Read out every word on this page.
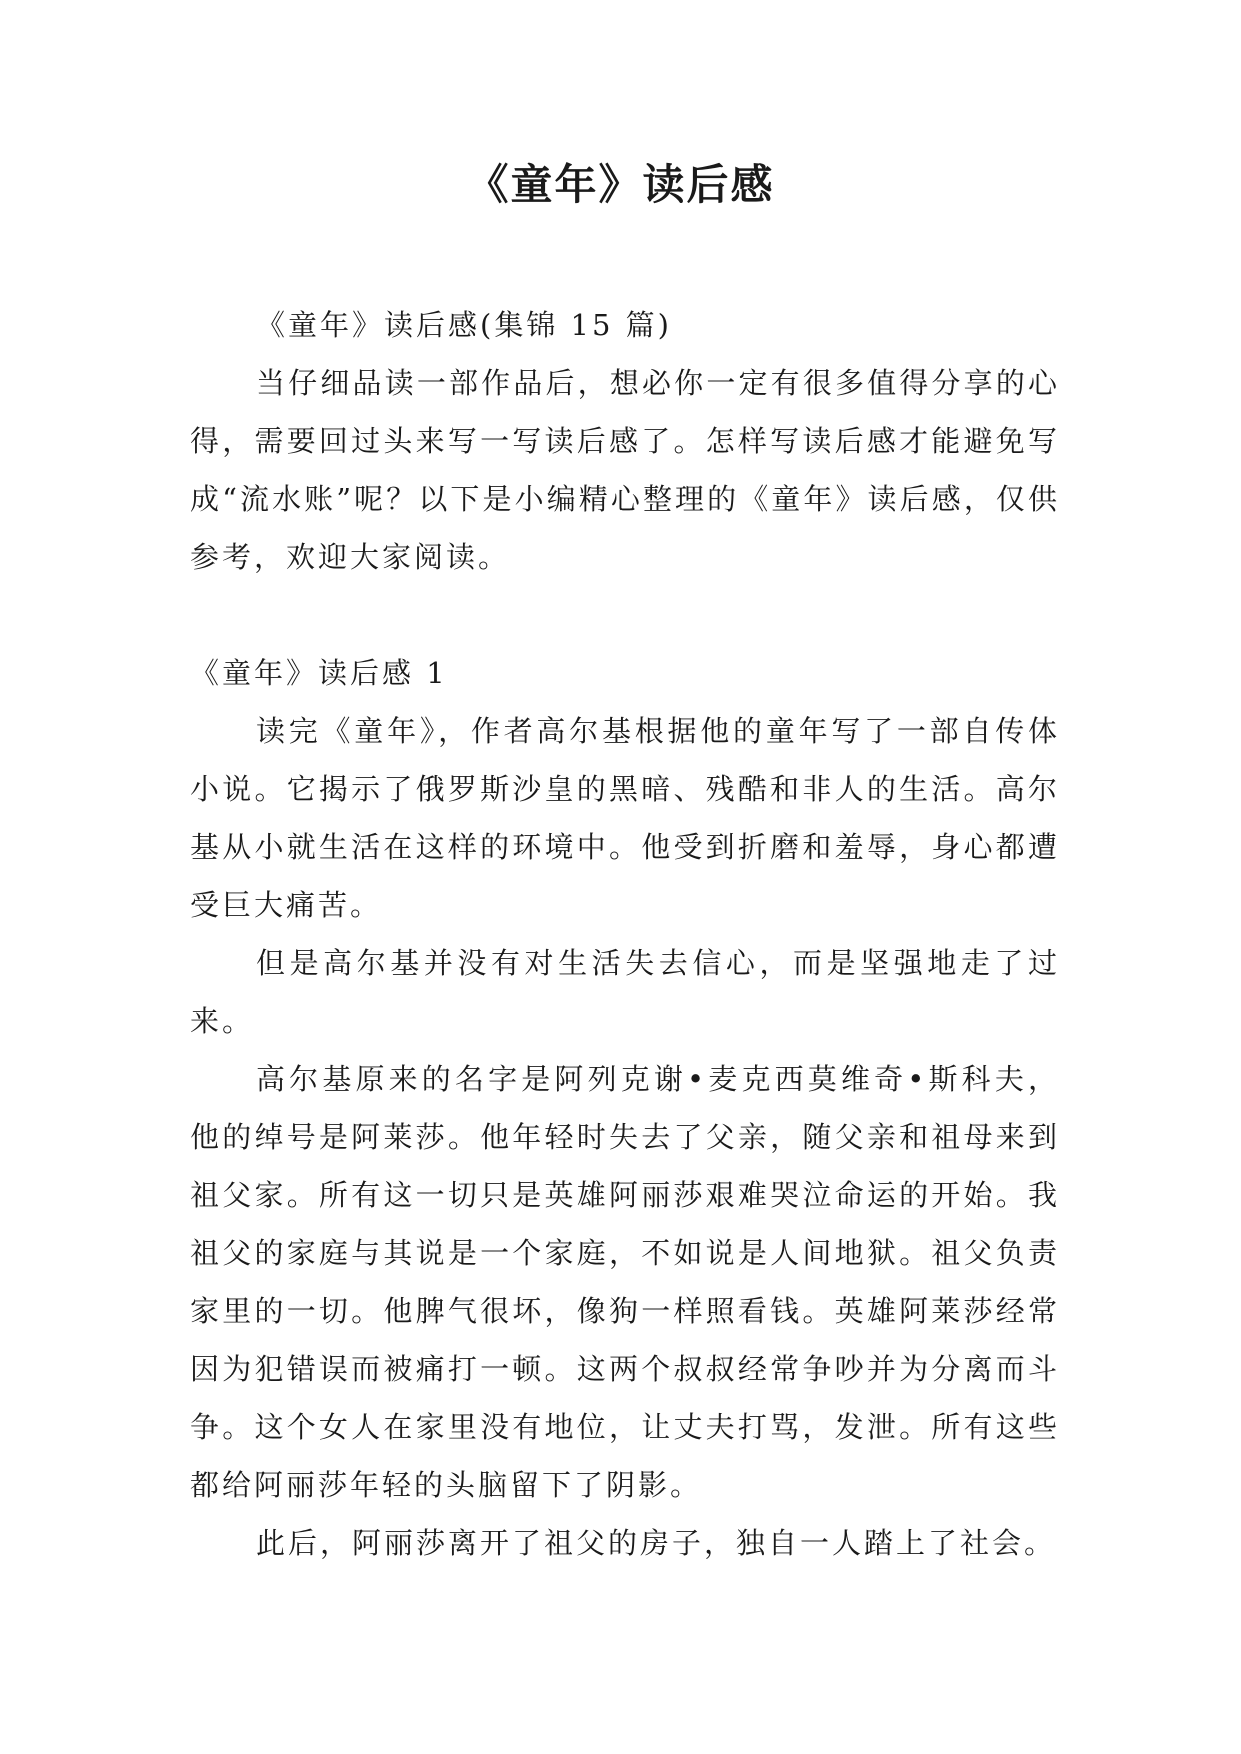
《童年》读后感

《童年》读后感(集锦 15 篇)

当仔细品读一部作品后，想必你一定有很多值得分享的心得，需要回过头来写一写读后感了。怎样写读后感才能避免写成“流水账”呢？以下是小编精心整理的《童年》读后感，仅供参考，欢迎大家阅读。

《童年》读后感 1

读完《童年》，作者高尔基根据他的童年写了一部自传体小说。它揭示了俄罗斯沙皇的黑暗、残酷和非人的生活。高尔基从小就生活在这样的环境中。他受到折磨和羞辱，身心都遭受巨大痛苦。

但是高尔基并没有对生活失去信心，而是坚强地走了过来。

高尔基原来的名字是阿列克谢•麦克西莫维奇•斯科夫，他的绰号是阿莱莎。他年轻时失去了父亲，随父亲和祖母来到祖父家。所有这一切只是英雄阿丽莎艰难哭泣命运的开始。我祖父的家庭与其说是一个家庭，不如说是人间地狱。祖父负责家里的一切。他脾气很坏，像狗一样照看钱。英雄阿莱莎经常因为犯错误而被痛打一顿。这两个叔叔经常争吵并为分离而斗争。这个女人在家里没有地位，让丈夫打骂，发泄。所有这些都给阿丽莎年轻的头脑留下了阴影。

此后，阿丽莎离开了祖父的房子，独自一人踏上了社会。
